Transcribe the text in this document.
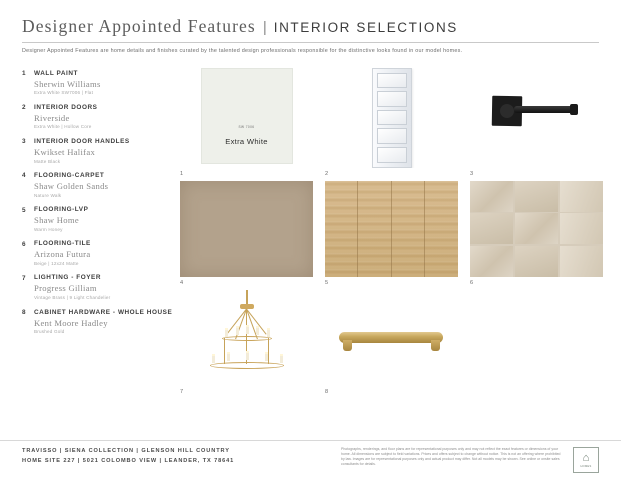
Designer Appointed Features | INTERIOR SELECTIONS
Designer Appointed Features are home details and finishes curated by the talented design professionals responsible for the distinctive looks found in our model homes.
1	WALL PAINT
Sherwin Williams
Extra White SW7006 | Flat
2	INTERIOR DOORS
Riverside
Extra White | Hollow Core
3	INTERIOR DOOR HANDLES
Kwikset Halifax
Matte Black
4	FLOORING-CARPET
Shaw Golden Sands
Nature Walk
5	FLOORING-LVP
Shaw Home
Warm Honey
6	FLOORING-TILE
Arizona Futura
Beige | 12x24 Matte
7	LIGHTING - FOYER
Progress Gilliam
Vintage Brass | 9 Light Chandelier
8	CABINET HARDWARE - WHOLE HOUSE
Kent Moore Hadley
Brushed Gold
SW 7006
Extra White
1	2	3
4	5	6
7	8
TRAVISSO | SIENA COLLECTION | GLENSON HILL COUNTRY
HOME SITE 227 | 5021 COLOMBO VIEW | LEANDER, TX 78641
Photographs, renderings, and floor plans are for representational purposes only and may not reflect the exact features or dimensions of your home. All dimensions are subject to field variations. Prices and offers subject to change without notice. This is not an offering where prohibited by law. Images are for representational purposes only and actual product may differ. Not all models may be shown. See online or onsite sales consultants for details.
⌂
HOMES
